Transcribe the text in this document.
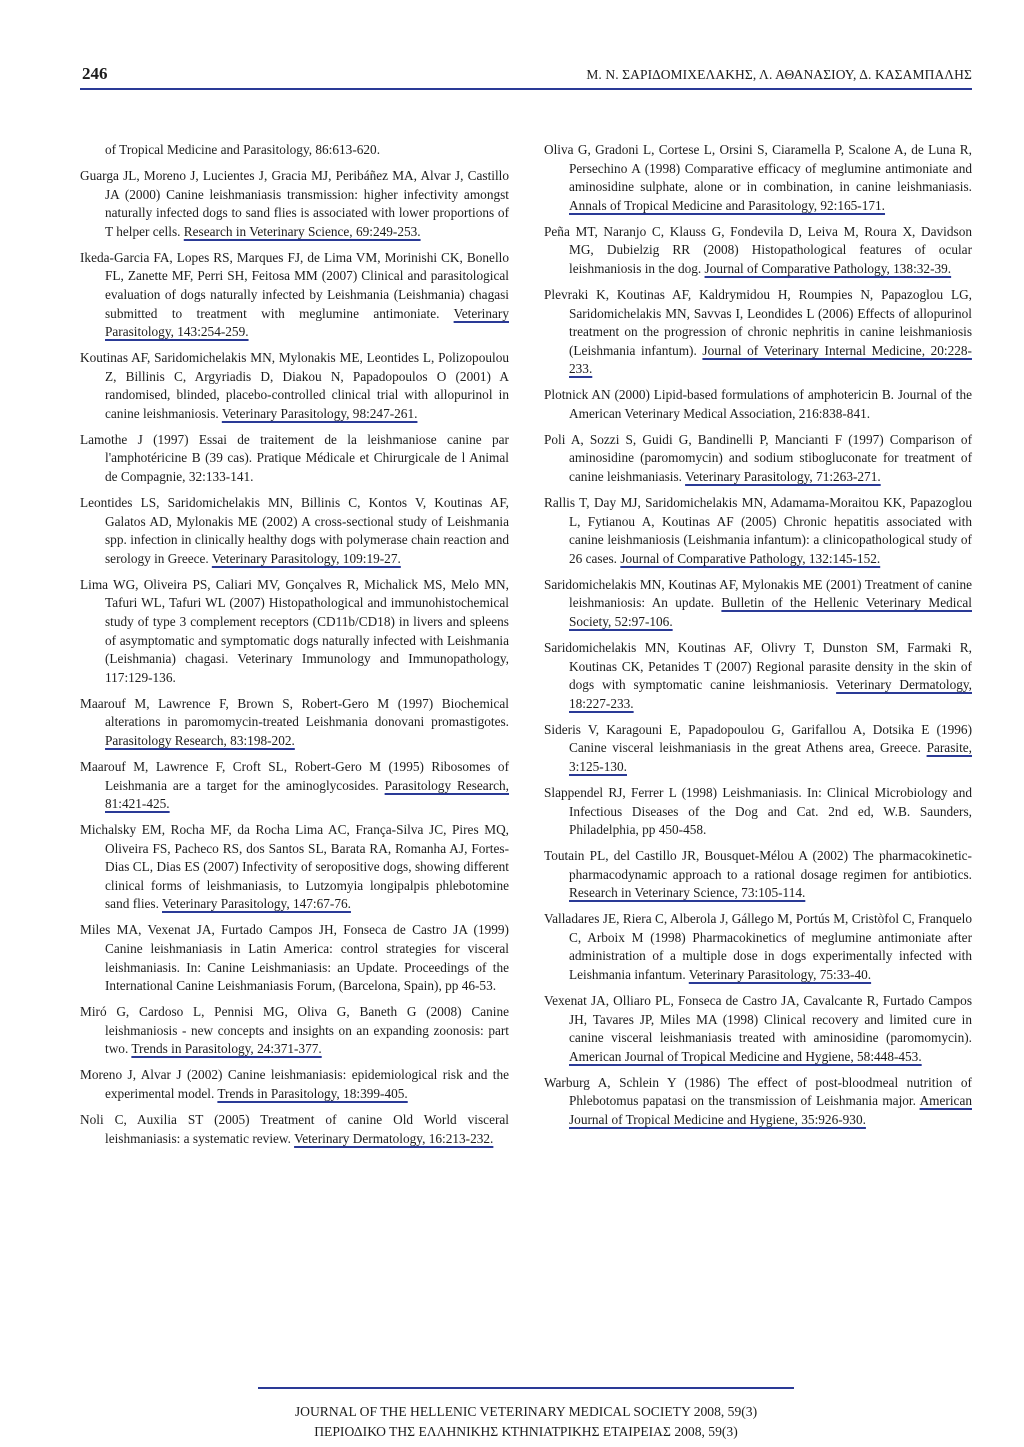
246	Μ. Ν. ΣΑΡΙΔΟΜΙΧΕΛΑΚΗΣ, Λ. ΑΘΑΝΑΣΙΟΥ, Δ. ΚΑΣΑΜΠΑΛΗΣ

of Tropical Medicine and Parasitology, 86:613-620.

Guarga JL, Moreno J, Lucientes J, Gracia MJ, Peribáñez MA, Alvar J, Castillo JA (2000) Canine leishmaniasis transmission: higher infectivity amongst naturally infected dogs to sand flies is associated with lower proportions of T helper cells. Research in Veterinary Science, 69:249-253.

Ikeda-Garcia FA, Lopes RS, Marques FJ, de Lima VM, Morinishi CK, Bonello FL, Zanette MF, Perri SH, Feitosa MM (2007) Clinical and parasitological evaluation of dogs naturally infected by Leishmania (Leishmania) chagasi submitted to treatment with meglumine antimoniate. Veterinary Parasitology, 143:254-259.

Koutinas AF, Saridomichelakis MN, Mylonakis ME, Leontides L, Polizopoulou Z, Billinis C, Argyriadis D, Diakou N, Papadopoulos O (2001) A randomised, blinded, placebo-controlled clinical trial with allopurinol in canine leishmaniosis. Veterinary Parasitology, 98:247-261.

Lamothe J (1997) Essai de traitement de la leishmaniose canine par l'amphotéricine B (39 cas). Pratique Médicale et Chirurgicale de l Animal de Compagnie, 32:133-141.

Leontides LS, Saridomichelakis MN, Billinis C, Kontos V, Koutinas AF, Galatos AD, Mylonakis ME (2002) A cross-sectional study of Leishmania spp. infection in clinically healthy dogs with polymerase chain reaction and serology in Greece. Veterinary Parasitology, 109:19-27.

Lima WG, Oliveira PS, Caliari MV, Gonçalves R, Michalick MS, Melo MN, Tafuri WL, Tafuri WL (2007) Histopathological and immunohistochemical study of type 3 complement receptors (CD11b/CD18) in livers and spleens of asymptomatic and symptomatic dogs naturally infected with Leishmania (Leishmania) chagasi. Veterinary Immunology and Immunopathology, 117:129-136.

Maarouf M, Lawrence F, Brown S, Robert-Gero M (1997) Biochemical alterations in paromomycin-treated Leishmania donovani promastigotes. Parasitology Research, 83:198-202.

Maarouf M, Lawrence F, Croft SL, Robert-Gero M (1995) Ribosomes of Leishmania are a target for the aminoglycosides. Parasitology Research, 81:421-425.

Michalsky EM, Rocha MF, da Rocha Lima AC, França-Silva JC, Pires MQ, Oliveira FS, Pacheco RS, dos Santos SL, Barata RA, Romanha AJ, Fortes-Dias CL, Dias ES (2007) Infectivity of seropositive dogs, showing different clinical forms of leishmaniasis, to Lutzomyia longipalpis phlebotomine sand flies. Veterinary Parasitology, 147:67-76.

Miles MA, Vexenat JA, Furtado Campos JH, Fonseca de Castro JA (1999) Canine leishmaniasis in Latin America: control strategies for visceral leishmaniasis. In: Canine Leishmaniasis: an Update. Proceedings of the International Canine Leishmaniasis Forum, (Barcelona, Spain), pp 46-53.

Miró G, Cardoso L, Pennisi MG, Oliva G, Baneth G (2008) Canine leishmaniosis - new concepts and insights on an expanding zoonosis: part two. Trends in Parasitology, 24:371-377.

Moreno J, Alvar J (2002) Canine leishmaniasis: epidemiological risk and the experimental model. Trends in Parasitology, 18:399-405.

Noli C, Auxilia ST (2005) Treatment of canine Old World visceral leishmaniasis: a systematic review. Veterinary Dermatology, 16:213-232.

Oliva G, Gradoni L, Cortese L, Orsini S, Ciaramella P, Scalone A, de Luna R, Persechino A (1998) Comparative efficacy of meglumine antimoniate and aminosidine sulphate, alone or in combination, in canine leishmaniasis. Annals of Tropical Medicine and Parasitology, 92:165-171.

Peña MT, Naranjo C, Klauss G, Fondevila D, Leiva M, Roura X, Davidson MG, Dubielzig RR (2008) Histopathological features of ocular leishmaniosis in the dog. Journal of Comparative Pathology, 138:32-39.

Plevraki K, Koutinas AF, Kaldrymidou H, Roumpies N, Papazoglou LG, Saridomichelakis MN, Savvas I, Leondides L (2006) Effects of allopurinol treatment on the progression of chronic nephritis in canine leishmaniosis (Leishmania infantum). Journal of Veterinary Internal Medicine, 20:228-233.

Plotnick AN (2000) Lipid-based formulations of amphotericin B. Journal of the American Veterinary Medical Association, 216:838-841.

Poli A, Sozzi S, Guidi G, Bandinelli P, Mancianti F (1997) Comparison of aminosidine (paromomycin) and sodium stibogluconate for treatment of canine leishmaniasis. Veterinary Parasitology, 71:263-271.

Rallis T, Day MJ, Saridomichelakis MN, Adamama-Moraitou KK, Papazoglou L, Fytianou A, Koutinas AF (2005) Chronic hepatitis associated with canine leishmaniosis (Leishmania infantum): a clinicopathological study of 26 cases. Journal of Comparative Pathology, 132:145-152.

Saridomichelakis MN, Koutinas AF, Mylonakis ME (2001) Treatment of canine leishmaniosis: An update. Bulletin of the Hellenic Veterinary Medical Society, 52:97-106.

Saridomichelakis MN, Koutinas AF, Olivry T, Dunston SM, Farmaki R, Koutinas CK, Petanides T (2007) Regional parasite density in the skin of dogs with symptomatic canine leishmaniosis. Veterinary Dermatology, 18:227-233.

Sideris V, Karagouni E, Papadopoulou G, Garifallou A, Dotsika E (1996) Canine visceral leishmaniasis in the great Athens area, Greece. Parasite, 3:125-130.

Slappendel RJ, Ferrer L (1998) Leishmaniasis. In: Clinical Microbiology and Infectious Diseases of the Dog and Cat. 2nd ed, W.B. Saunders, Philadelphia, pp 450-458.

Toutain PL, del Castillo JR, Bousquet-Mélou A (2002) The pharmacokinetic-pharmacodynamic approach to a rational dosage regimen for antibiotics. Research in Veterinary Science, 73:105-114.

Valladares JE, Riera C, Alberola J, Gállego M, Portús M, Cristòfol C, Franquelo C, Arboix M (1998) Pharmacokinetics of meglumine antimoniate after administration of a multiple dose in dogs experimentally infected with Leishmania infantum. Veterinary Parasitology, 75:33-40.

Vexenat JA, Olliaro PL, Fonseca de Castro JA, Cavalcante R, Furtado Campos JH, Tavares JP, Miles MA (1998) Clinical recovery and limited cure in canine visceral leishmaniasis treated with aminosidine (paromomycin). American Journal of Tropical Medicine and Hygiene, 58:448-453.

Warburg A, Schlein Y (1986) The effect of post-bloodmeal nutrition of Phlebotomus papatasi on the transmission of Leishmania major. American Journal of Tropical Medicine and Hygiene, 35:926-930.

JOURNAL OF THE HELLENIC VETERINARY MEDICAL SOCIETY 2008, 59(3)
ΠΕΡΙΟΔΙΚΟ ΤΗΣ ΕΛΛΗΝΙΚΗΣ ΚΤΗΝΙΑΤΡΙΚΗΣ ΕΤΑΙΡΕΙΑΣ 2008, 59(3)
